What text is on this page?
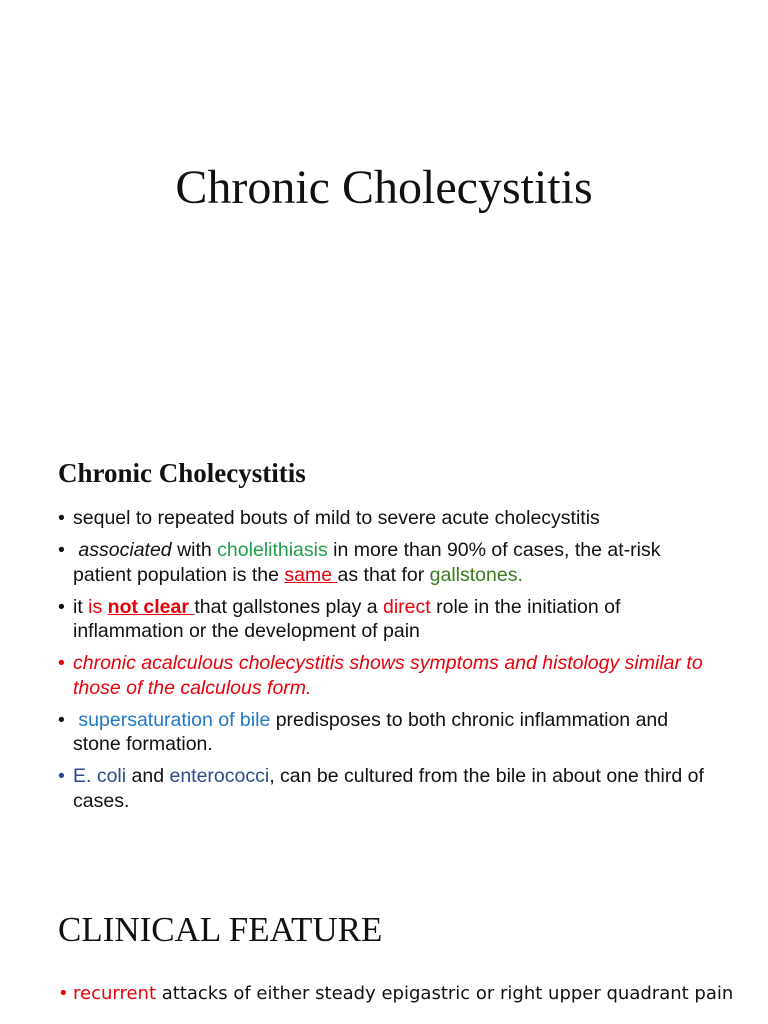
Chronic Cholecystitis
Chronic Cholecystitis
• sequel to repeated bouts of mild to severe acute cholecystitis
• associated with cholelithiasis in more than 90% of cases, the at-risk patient population is the same as that for gallstones.
• it is not clear that gallstones play a direct role in the initiation of inflammation or the development of pain
• chronic acalculous cholecystitis shows symptoms and histology similar to those of the calculous form.
• supersaturation of bile predisposes to both chronic inflammation and stone formation.
• E. coli and enterococci, can be cultured from the bile in about one third of cases.
CLINICAL FEATURE
• recurrent attacks of either steady epigastric or right upper quadrant pain
